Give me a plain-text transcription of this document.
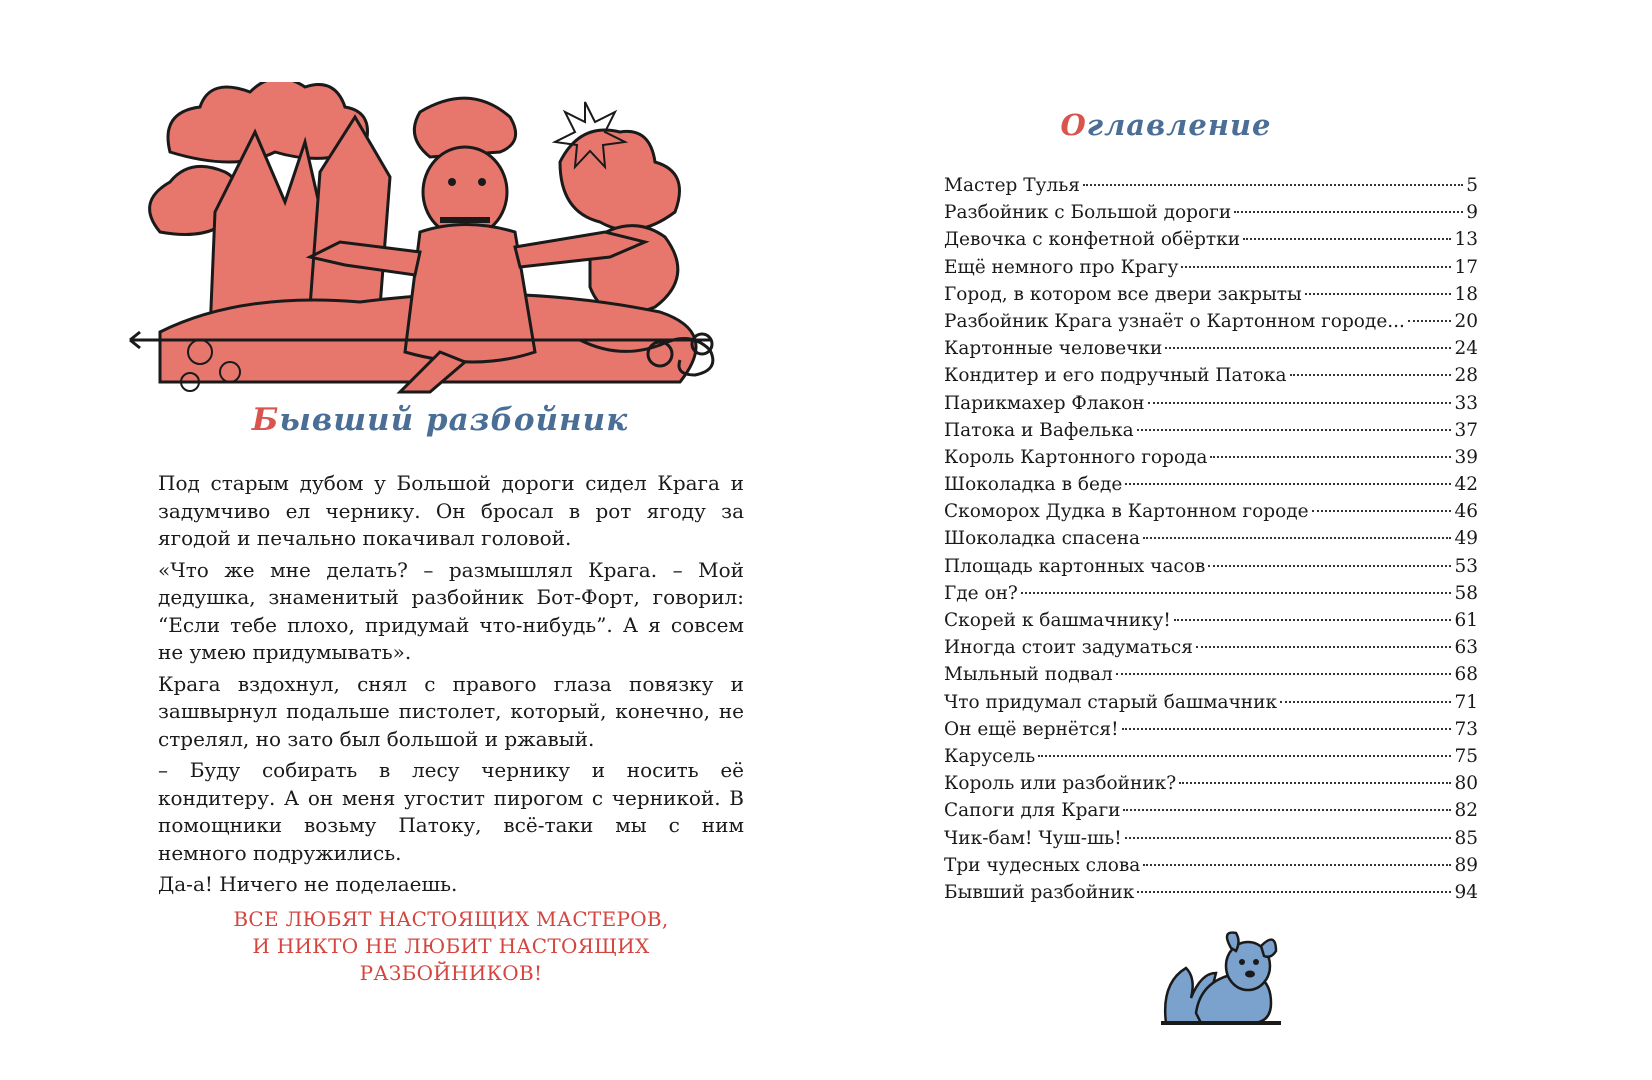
Бывший разбойник

Под старым дубом у Большой дороги сидел Крага и задумчиво ел чернику. Он бросал в рот ягоду за ягодой и печально покачивал головой.

«Что же мне делать? – размышлял Крага. – Мой дедушка, знаменитый разбойник Бот-Форт, говорил: “Если тебе плохо, придумай что-нибудь”. А я совсем не умею придумывать».

Крага вздохнул, снял с правого глаза повязку и зашвырнул подальше пистолет, который, конечно, не стрелял, но зато был большой и ржавый.

– Буду собирать в лесу чернику и носить её кондитеру. А он меня угостит пирогом с черникой. В помощники возьму Патоку, всё-таки мы с ним немного подружились.

Да-а! Ничего не поделаешь.

ВСЕ ЛЮБЯТ НАСТОЯЩИХ МАСТЕРОВ,
И НИКТО НЕ ЛЮБИТ НАСТОЯЩИХ
РАЗБОЙНИКОВ!
Оглавление
Мастер Тулья	5
Разбойник с Большой дороги	9
Девочка с конфетной обёртки	13
Ещё немного про Крагу	17
Город, в котором все двери закрыты	18
Разбойник Крага узнаёт о Картонном городе...	20
Картонные человечки	24
Кондитер и его подручный Патока	28
Парикмахер Флакон	33
Патока и Вафелька	37
Король Картонного города	39
Шоколадка в беде	42
Скоморох Дудка в Картонном городе	46
Шоколадка спасена	49
Площадь картонных часов	53
Где он?	58
Скорей к башмачнику!	61
Иногда стоит задуматься	63
Мыльный подвал	68
Что придумал старый башмачник	71
Он ещё вернётся!	73
Карусель	75
Король или разбойник?	80
Сапоги для Краги	82
Чик-бам! Чуш-шь!	85
Три чудесных слова	89
Бывший разбойник	94
